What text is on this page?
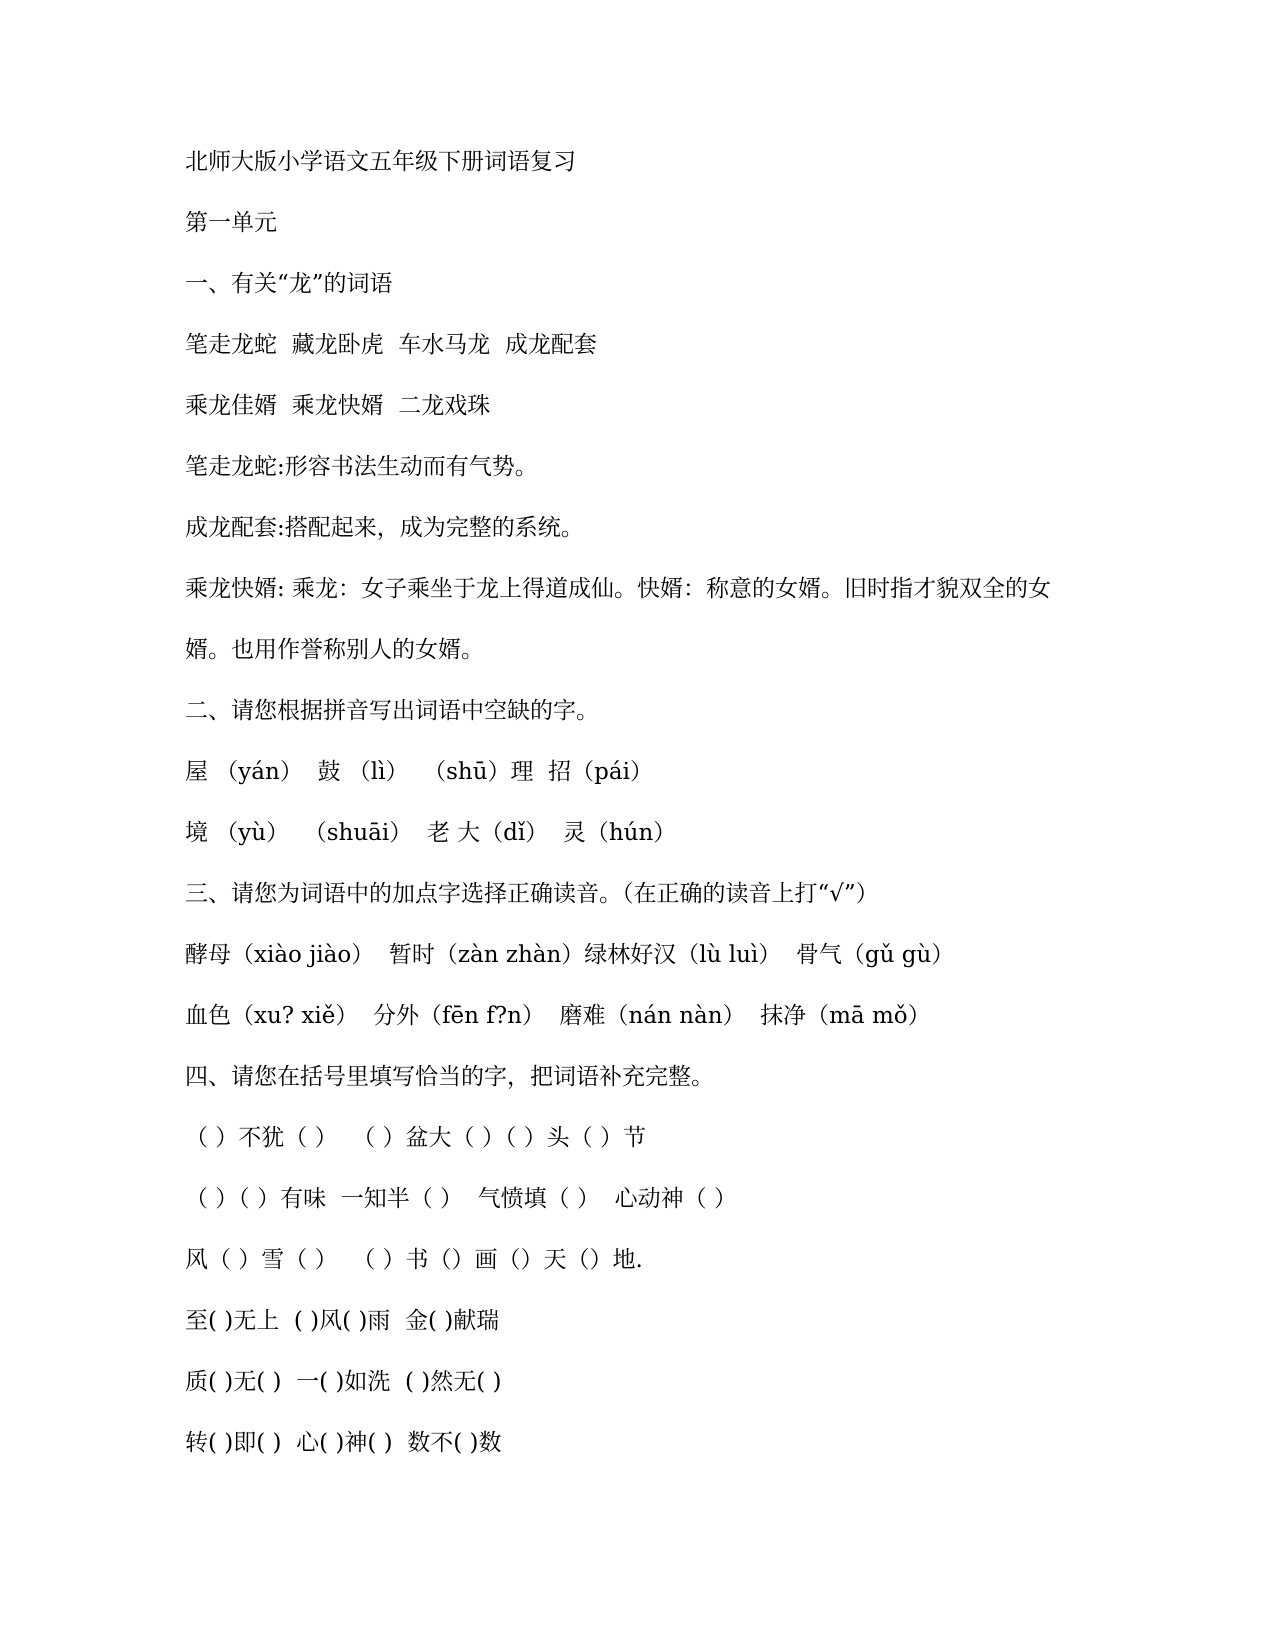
北师大版小学语文五年级下册词语复习
第一单元
一、有关“龙”的词语
笔走龙蛇  藏龙卧虎  车水马龙  成龙配套
乘龙佳婿  乘龙快婿  二龙戏珠
笔走龙蛇:形容书法生动而有气势。
成龙配套:搭配起来，成为完整的系统。
乘龙快婿: 乘龙：女子乘坐于龙上得道成仙。快婿：称意的女婿。旧时指才貌双全的女
婿。也用作誉称别人的女婿。
二、请您根据拼音写出词语中空缺的字。
屋 （yán）  鼓 （lì）  （shū）理  招（pái）
境 （yù）  （shuāi）  老 大（dǐ）  灵（hún）
三、请您为词语中的加点字选择正确读音。（在正确的读音上打“√”）
酵母（xiào jiào）  暂时（zàn zhàn）绿林好汉（lù luì）  骨气（gǔ gù）
血色（xu? xiě）  分外（fēn f?n）  磨难（nán nàn）  抹净（mā mǒ）
四、请您在括号里填写恰当的字，把词语补充完整。
（ ）不犹（ ）  （ ）盆大（ ）（ ）头（ ）节
（ ）（ ）有味  一知半（ ）  气愤填（ ）  心动神（ ）
风（ ）雪（ ）  （ ）书（）画（）天（）地.
至( )无上  ( )风( )雨  金( )献瑞
质( )无( )  一( )如洗  ( )然无( )
转( )即( )  心( )神( )  数不( )数
